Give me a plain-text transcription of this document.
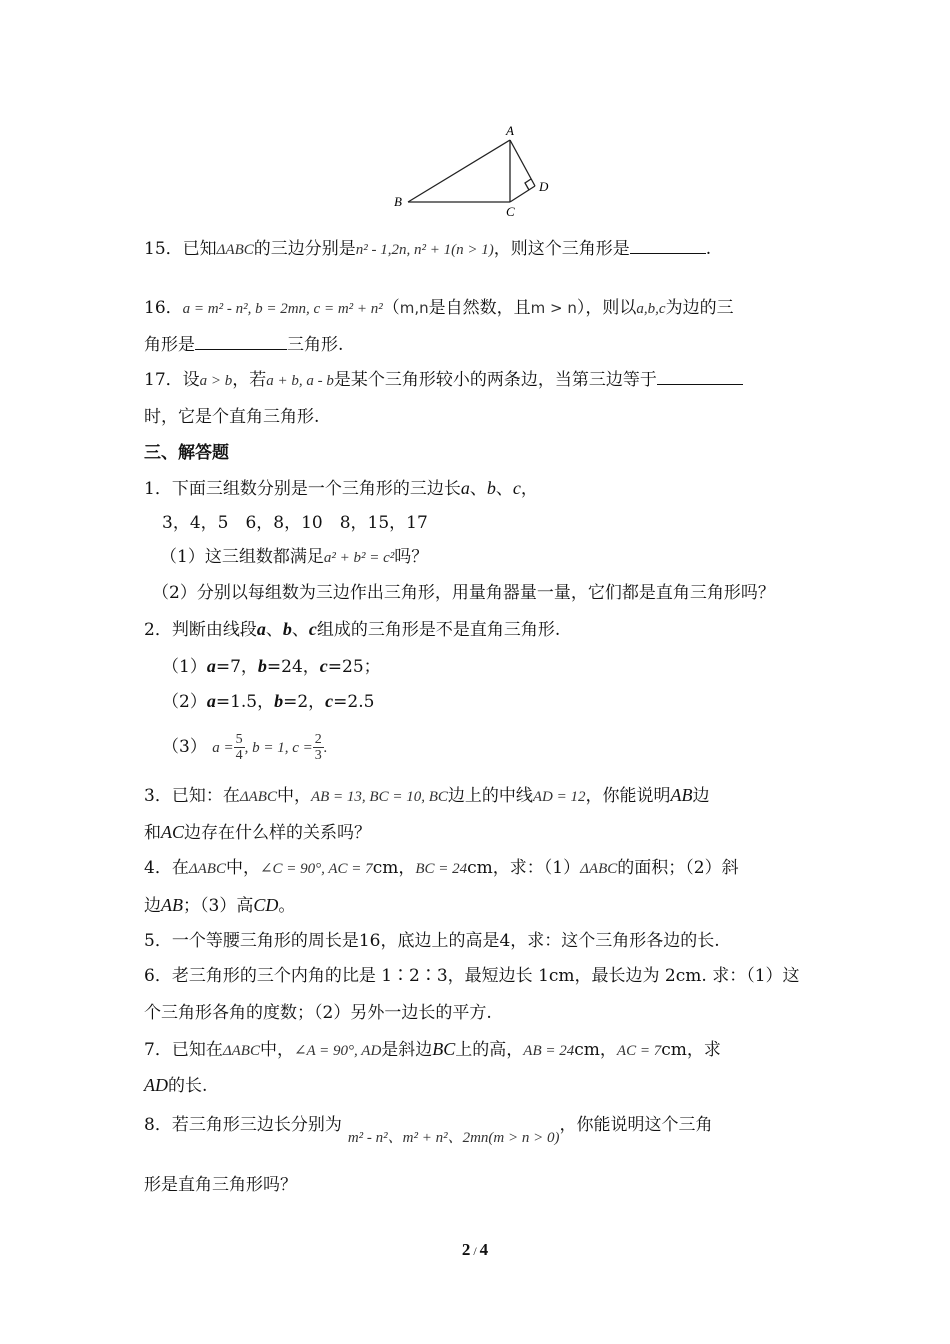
A
B
C
D
15．已知ΔABC的三边分别是n² - 1,2n, n² + 1(n > 1)，则这个三角形是	.
16．a = m² - n², b = 2mn, c = m² + n²（m,n是自然数，且m > n），则以a,b,c为边的三
角形是	三角形.
17．设a > b，若a + b, a - b是某个三角形较小的两条边，当第三边等于
时，它是个直角三角形.
三、解答题
1．下面三组数分别是一个三角形的三边长a、b、c，
3，4，5　6，8，10　8，15，17
（1）这三组数都满足a² + b² = c²吗？
（2）分别以每组数为三边作出三角形，用量角器量一量，它们都是直角三角形吗？
2．判断由线段a、b、c组成的三角形是不是直角三角形.
（1）a=7，b=24，c=25；
（2）a=1.5，b=2，c=2.5
（3） $a = \frac{5}{4}$ , b = 1, $c = \frac{2}{3}$ .
3．已知：在ΔABC中，AB = 13, BC = 10, BC边上的中线AD = 12，你能说明AB边
和AC边存在什么样的关系吗？
4．在ΔABC中，∠C = 90°, AC = 7cm，BC = 24cm，求：（1）ΔABC的面积；（2）斜
边AB；（3）高CD。
5．一个等腰三角形的周长是16，底边上的高是4，求：这个三角形各边的长.
6．老三角形的三个内角的比是 1∶2∶3，最短边长 1cm，最长边为 2cm. 求：（1）这
个三角形各角的度数；（2）另外一边长的平方.
7．已知在ΔABC中，∠A = 90°, AD是斜边BC上的高，AB = 24cm，AC = 7cm，求
AD的长.
8．若三角形三边长分别为m² - n²、m² + n²、2mn(m > n > 0)，你能说明这个三角
形是直角三角形吗？
2 / 4
